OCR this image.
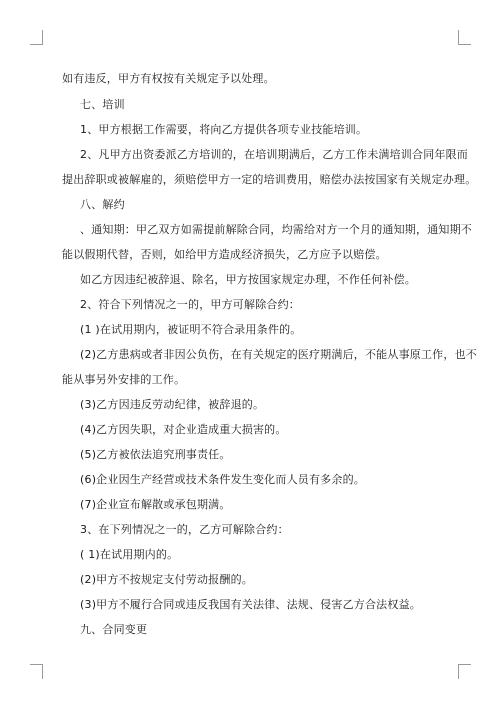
如有违反，甲方有权按有关规定予以处理。
七、培训
1、甲方根据工作需要，将向乙方提供各项专业技能培训。
2、凡甲方出资委派乙方培训的，在培训期满后，乙方工作未满培训合同年限而
提出辞职或被解雇的，须赔偿甲方一定的培训费用，赔偿办法按国家有关规定办理。
八、解约
、通知期：甲乙双方如需提前解除合同，均需给对方一个月的通知期，通知期不
能以假期代替，否则，如给甲方造成经济损失，乙方应予以赔偿。
如乙方因违纪被辞退、除名，甲方按国家规定办理，不作任何补偿。
2、符合下列情况之一的，甲方可解除合约：
(1 )在试用期内，被证明不符合录用条件的。
(2)乙方患病或者非因公负伤，在有关规定的医疗期满后，不能从事原工作，也不
能从事另外安排的工作。
(3)乙方因违反劳动纪律，被辞退的。
(4)乙方因失职，对企业造成重大损害的。
(5)乙方被依法追究刑事责任。
(6)企业因生产经营或技术条件发生变化而人员有多余的。
(7)企业宣布解散或承包期满。
3、在下列情况之一的，乙方可解除合约：
( 1)在试用期内的。
(2)甲方不按规定支付劳动报酬的。
(3)甲方不履行合同或违反我国有关法律、法规、侵害乙方合法权益。
九、合同变更
